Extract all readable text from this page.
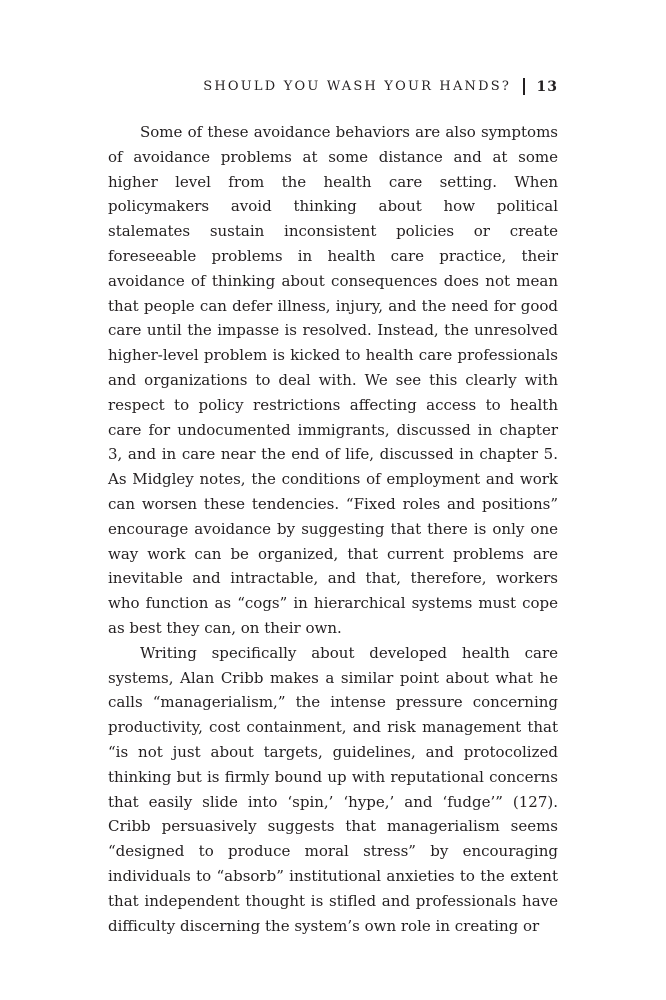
SHOULD YOU WASH YOUR HANDS? 13

Some of these avoidance behaviors are also symptoms of avoidance problems at some distance and at some higher level from the health care setting. When policymakers avoid thinking about how political stalemates sustain inconsistent policies or create foreseeable problems in health care practice, their avoidance of thinking about consequences does not mean that people can defer illness, injury, and the need for good care until the impasse is resolved. Instead, the unresolved higher-level problem is kicked to health care professionals and organizations to deal with. We see this clearly with respect to policy restrictions affecting access to health care for undocumented immigrants, discussed in chapter 3, and in care near the end of life, discussed in chapter 5. As Midgley notes, the conditions of employment and work can worsen these tendencies. “Fixed roles and positions” encourage avoidance by suggesting that there is only one way work can be organized, that current problems are inevitable and intractable, and that, therefore, workers who function as “cogs” in hierarchical systems must cope as best they can, on their own.

Writing specifically about developed health care systems, Alan Cribb makes a similar point about what he calls “managerialism,” the intense pressure concerning productivity, cost containment, and risk management that “is not just about targets, guidelines, and protocolized thinking but is firmly bound up with reputational concerns that easily slide into ‘spin,’ ‘hype,’ and ‘fudge’” (127). Cribb persuasively suggests that managerialism seems “designed to produce moral stress” by encouraging individuals to “absorb” institutional anxieties to the extent that independent thought is stifled and professionals have difficulty discerning the system’s own role in creating or
